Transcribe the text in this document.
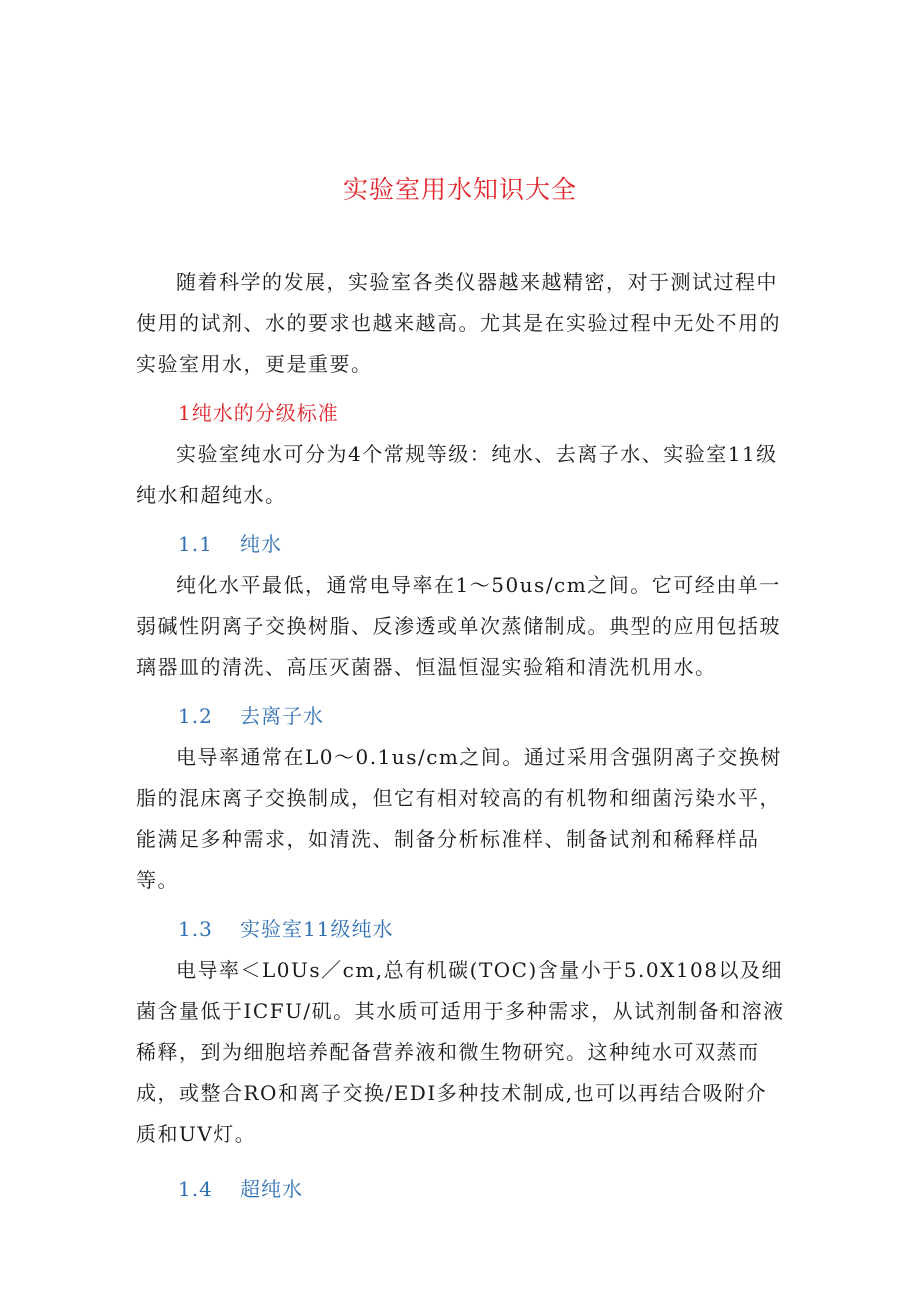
实验室用水知识大全

随着科学的发展，实验室各类仪器越来越精密，对于测试过程中使用的试剂、水的要求也越来越高。尤其是在实验过程中无处不用的实验室用水，更是重要。

1纯水的分级标准

实验室纯水可分为4个常规等级：纯水、去离子水、实验室11级纯水和超纯水。

1.1 纯水

纯化水平最低，通常电导率在1～50us/cm之间。它可经由单一弱碱性阴离子交换树脂、反渗透或单次蒸储制成。典型的应用包括玻璃器皿的清洗、高压灭菌器、恒温恒湿实验箱和清洗机用水。

1.2 去离子水

电导率通常在L0～0.1us/cm之间。通过采用含强阴离子交换树脂的混床离子交换制成，但它有相对较高的有机物和细菌污染水平，能满足多种需求，如清洗、制备分析标准样、制备试剂和稀释样品等。

1.3 实验室11级纯水

电导率＜L0Us／cm,总有机碳(TOC)含量小于5.0X108以及细菌含量低于ICFU/矶。其水质可适用于多种需求，从试剂制备和溶液稀释，到为细胞培养配备营养液和微生物研究。这种纯水可双蒸而成，或整合RO和离子交换/EDI多种技术制成,也可以再结合吸附介质和UV灯。

1.4 超纯水
